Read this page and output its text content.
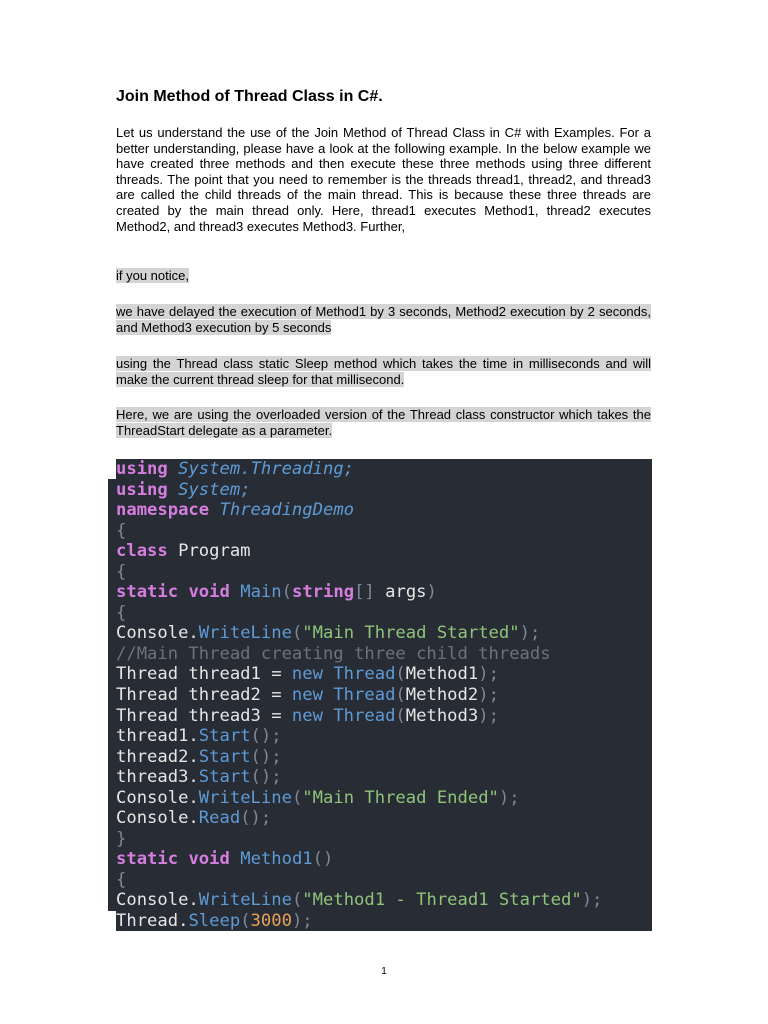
Join Method of Thread Class in C#.

Let us understand the use of the Join Method of Thread Class in C# with Examples. For a better understanding, please have a look at the following example. In the below example we have created three methods and then execute these three methods using three different threads. The point that you need to remember is the threads thread1, thread2, and thread3 are called the child threads of the main thread. This is because these three threads are created by the main thread only. Here, thread1 executes Method1, thread2 executes Method2, and thread3 executes Method3. Further,

if you notice,

we have delayed the execution of Method1 by 3 seconds, Method2 execution by 2 seconds, and Method3 execution by 5 seconds

using the Thread class static Sleep method which takes the time in milliseconds and will make the current thread sleep for that millisecond.

Here, we are using the overloaded version of the Thread class constructor which takes the ThreadStart delegate as a parameter.

using System.Threading;
using System;
namespace ThreadingDemo
{
class Program
{
static void Main(string[] args)
{
Console.WriteLine("Main Thread Started");
//Main Thread creating three child threads
Thread thread1 = new Thread(Method1);
Thread thread2 = new Thread(Method2);
Thread thread3 = new Thread(Method3);
thread1.Start();
thread2.Start();
thread3.Start();
Console.WriteLine("Main Thread Ended");
Console.Read();
}
static void Method1()
{
Console.WriteLine("Method1 - Thread1 Started");
Thread.Sleep(3000);
1
